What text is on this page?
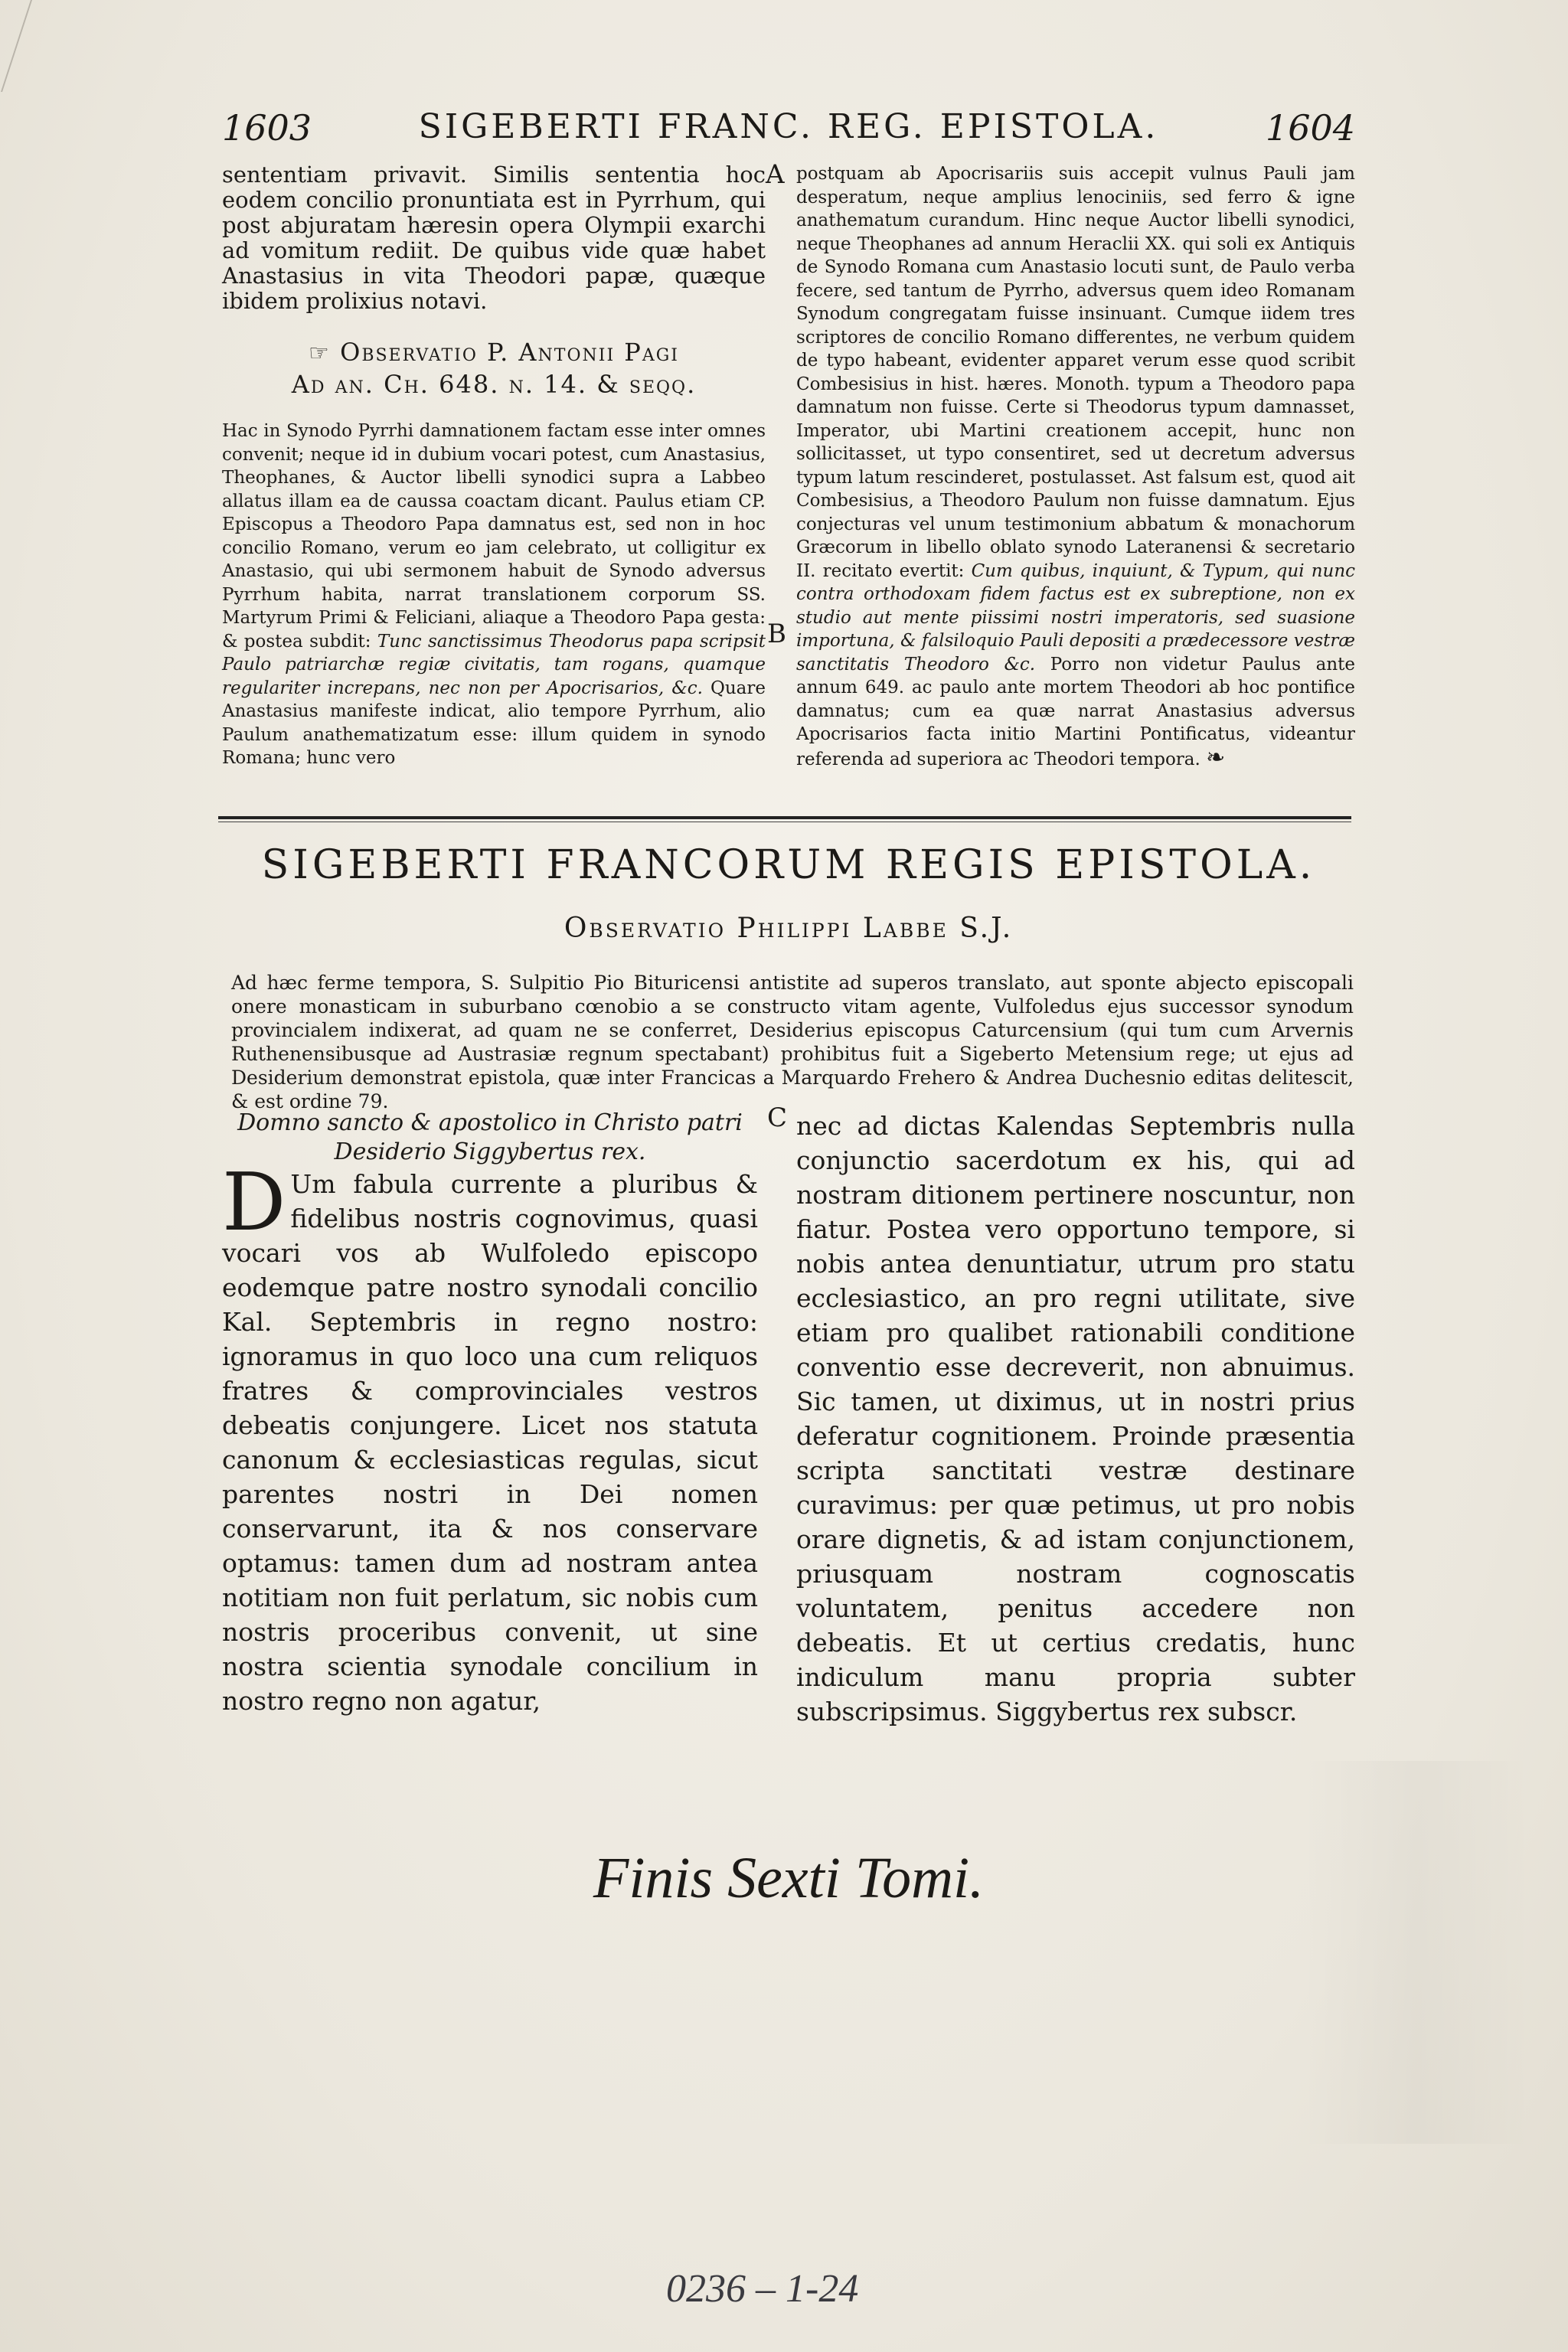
1603	SIGEBERTI FRANC. REG. EPISTOLA.	1604

sententiam privavit. Similis sententia hoc eodem concilio pronuntiata est in Pyrrhum, qui post abjuratam hæresin opera Olympii exarchi ad vomitum rediit. De quibus vide quæ habet Anastasius in vita Theodori papæ, quæque ibidem prolixius notavi.

☞ Observatio P. Antonii Pagi

Ad an. Ch. 648. n. 14. & seqq.

Hac in Synodo Pyrrhi damnationem factam esse inter omnes convenit; neque id in dubium vocari potest, cum Anastasius, Theophanes, & Auctor libelli synodici supra a Labbeo allatus illam ea de caussa coactam dicant. Paulus etiam CP. Episcopus a Theodoro Papa damnatus est, sed non in hoc concilio Romano, verum eo jam celebrato, ut colligitur ex Anastasio, qui ubi sermonem habuit de Synodo adversus Pyrrhum habita, narrat translationem corporum SS. Martyrum Primi & Feliciani, aliaque a Theodoro Papa gesta: & postea subdit: Tunc sanctissimus Theodorus papa scripsit Paulo patriarchæ regiæ civitatis, tam rogans, quamque regulariter increpans, nec non per Apocrisarios, &c. Quare Anastasius manifeste indicat, alio tempore Pyrrhum, alio Paulum anathematizatum esse: illum quidem in synodo Romana; hunc vero

A
B
C

postquam ab Apocrisariis suis accepit vulnus Pauli jam desperatum, neque amplius lenociniis, sed ferro & igne anathematum curandum. Hinc neque Auctor libelli synodici, neque Theophanes ad annum Heraclii XX. qui soli ex Antiquis de Synodo Romana cum Anastasio locuti sunt, de Paulo verba fecere, sed tantum de Pyrrho, adversus quem ideo Romanam Synodum congregatam fuisse insinuant. Cumque iidem tres scriptores de concilio Romano differentes, ne verbum quidem de typo habeant, evidenter apparet verum esse quod scribit Combesisius in hist. hæres. Monoth. typum a Theodoro papa damnatum non fuisse. Certe si Theodorus typum damnasset, Imperator, ubi Martini creationem accepit, hunc non sollicitasset, ut typo consentiret, sed ut decretum adversus typum latum rescinderet, postulasset. Ast falsum est, quod ait Combesisius, a Theodoro Paulum non fuisse damnatum. Ejus conjecturas vel unum testimonium abbatum & monachorum Græcorum in libello oblato synodo Lateranensi & secretario II. recitato evertit: Cum quibus, inquiunt, & Typum, qui nunc contra orthodoxam fidem factus est ex subreptione, non ex studio aut mente piissimi nostri imperatoris, sed suasione importuna, & falsiloquio Pauli depositi a prædecessore vestræ sanctitatis Theodoro &c. Porro non videtur Paulus ante annum 649. ac paulo ante mortem Theodori ab hoc pontifice damnatus; cum ea quæ narrat Anastasius adversus Apocrisarios facta initio Martini Pontificatus, videantur referenda ad superiora ac Theodori tempora. ❧

SIGEBERTI FRANCORUM REGIS EPISTOLA.
Observatio Philippi Labbe S.J.

Ad hæc ferme tempora, S. Sulpitio Pio Bituricensi antistite ad superos translato, aut sponte abjecto episcopali onere monasticam in suburbano cœnobio a se constructo vitam agente, Vulfoledus ejus successor synodum provincialem indixerat, ad quam ne se conferret, Desiderius episcopus Caturcensium (qui tum cum Arvernis Ruthenensibusque ad Austrasiæ regnum spectabant) prohibitus fuit a Sigeberto Metensium rege; ut ejus ad Desiderium demonstrat epistola, quæ inter Francicas a Marquardo Frehero & Andrea Duchesnio editas delitescit, & est ordine 79.

Domno sancto & apostolico in Christo patri Desiderio Siggybertus rex.

D Um fabula currente a pluribus & fidelibus nostris cognovimus, quasi vocari vos ab Wulfoledo episcopo eodemque patre nostro synodali concilio Kal. Septembris in regno nostro: ignoramus in quo loco una cum reliquos fratres & comprovinciales vestros debeatis conjungere. Licet nos statuta canonum & ecclesiasticas regulas, sicut parentes nostri in Dei nomen conservarunt, ita & nos conservare optamus: tamen dum ad nostram antea notitiam non fuit perlatum, sic nobis cum nostris proceribus convenit, ut sine nostra scientia synodale concilium in nostro regno non agatur,

nec ad dictas Kalendas Septembris nulla conjunctio sacerdotum ex his, qui ad nostram ditionem pertinere noscuntur, non fiatur. Postea vero opportuno tempore, si nobis antea denuntiatur, utrum pro statu ecclesiastico, an pro regni utilitate, sive etiam pro qualibet rationabili conditione conventio esse decreverit, non abnuimus. Sic tamen, ut diximus, ut in nostri prius deferatur cognitionem. Proinde præsentia scripta sanctitati vestræ destinare curavimus: per quæ petimus, ut pro nobis orare dignetis, & ad istam conjunctionem, priusquam nostram cognoscatis voluntatem, penitus accedere non debeatis. Et ut certius credatis, hunc indiculum manu propria subter subscripsimus. Siggybertus rex subscr.

Finis Sexti Tomi.
0236 – 1-24
